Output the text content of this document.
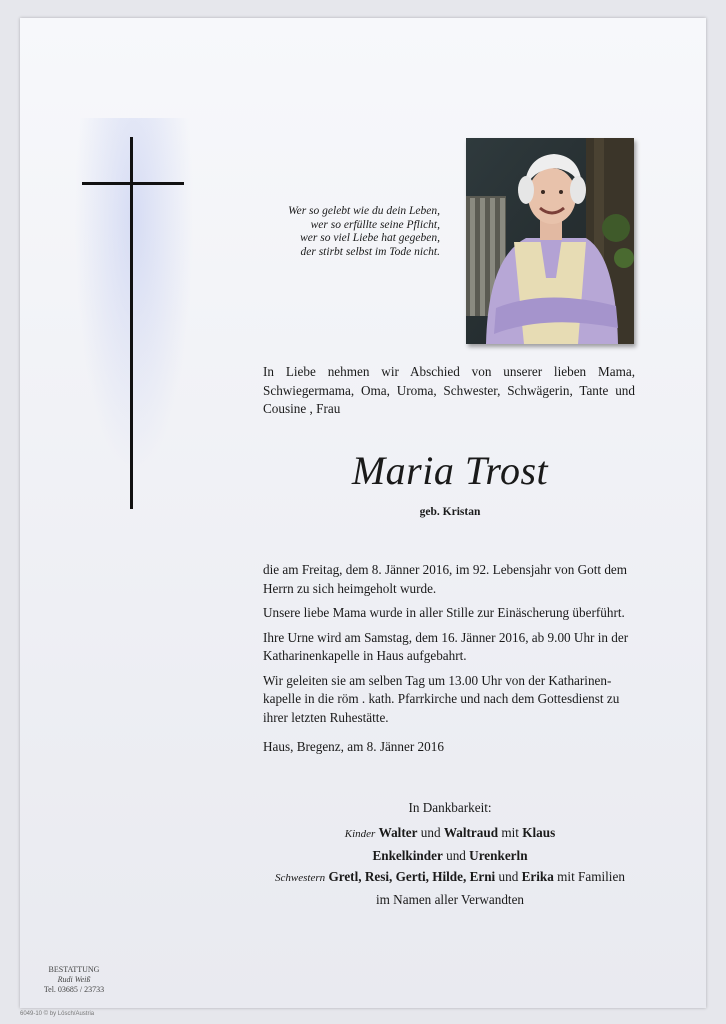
Wer so gelebt wie du dein Leben,
wer so erfüllte seine Pflicht,
wer so viel Liebe hat gegeben,
der stirbt selbst im Tode nicht.
In Liebe nehmen wir Abschied von unserer lieben Mama, Schwiegermama, Oma, Uroma, Schwester, Schwägerin, Tante und Cousine , Frau
Maria Trost
geb. Kristan

die am Freitag, dem 8. Jänner 2016, im 92. Lebensjahr von Gott dem Herrn zu sich heimgeholt wurde.

Unsere liebe Mama wurde in aller Stille zur Einäscherung überführt.

Ihre Urne wird am Samstag, dem 16. Jänner 2016, ab 9.00 Uhr in der Katharinenkapelle in Haus aufgebahrt.

Wir geleiten sie am selben Tag um 13.00 Uhr von der Katharinen- kapelle in die röm . kath. Pfarrkirche und nach dem Gottesdienst zu ihrer letzten Ruhestätte.

Haus, Bregenz, am 8. Jänner 2016
In Dankbarkeit:
Kinder Walter und Waltraud mit Klaus
Enkelkinder und Urenkerln
Schwestern Gretl, Resi, Gerti, Hilde, Erni und Erika mit Familien
im Namen aller Verwandten
BESTATTUNG
Rudi Weiß
Tel. 03685 / 23733
6049-10 © by Lösch/Austria
